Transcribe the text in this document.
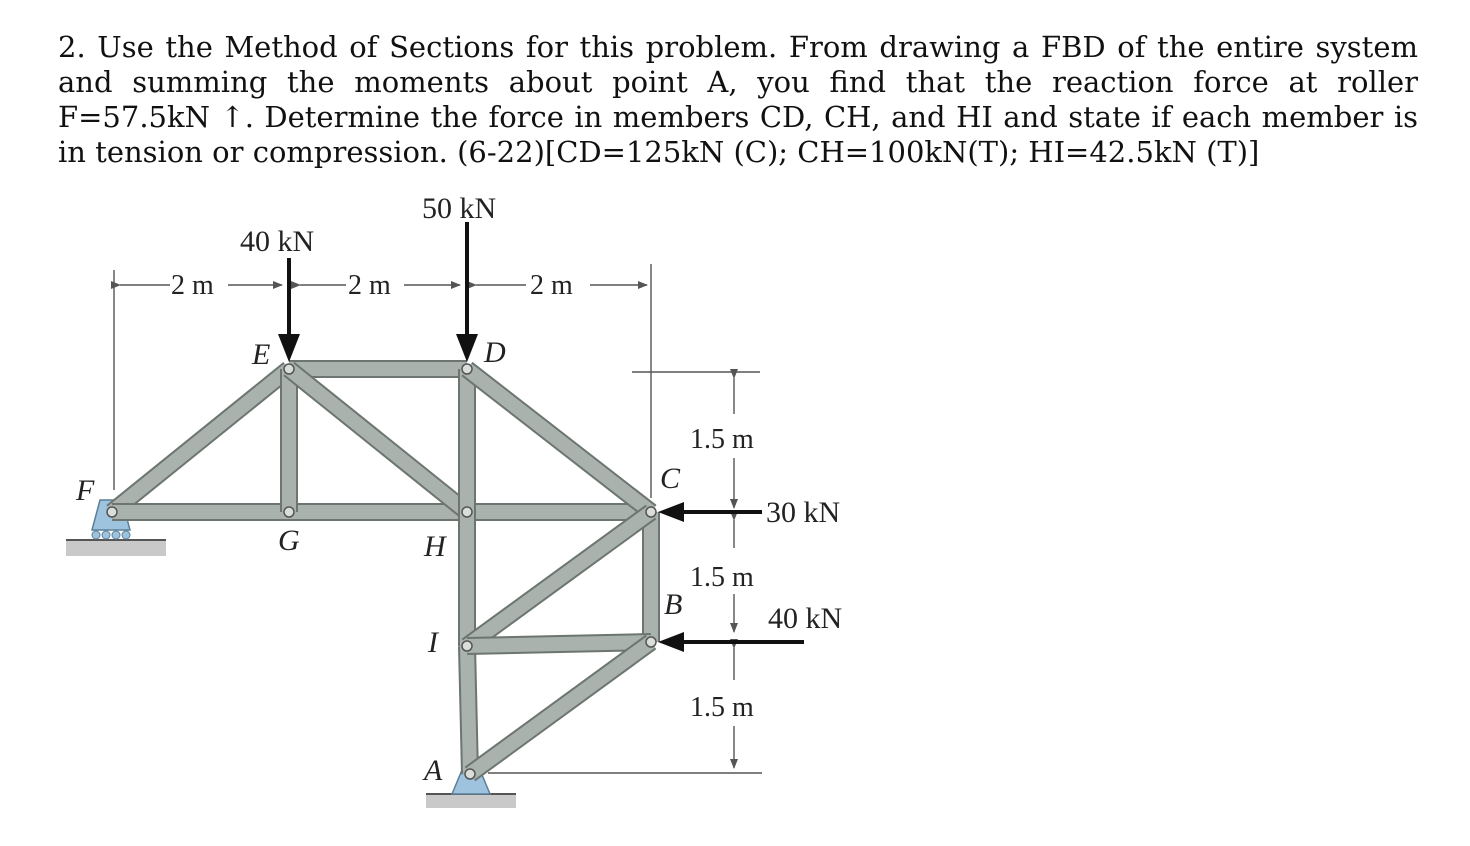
2. Use the Method of Sections for this problem. From drawing a FBD of the entire system and summing the moments about point A, you find that the reaction force at roller F=57.5kN ↑. Determine the force in members CD, CH, and HI and state if each member is in tension or compression. (6-22)[CD=125kN (C); CH=100kN(T); HI=42.5kN (T)]
F
E	D
G	H
C
B
I
A
40 kN
50 kN
30 kN
40 kN
2 m	2 m	2 m
1.5 m
1.5 m
1.5 m
